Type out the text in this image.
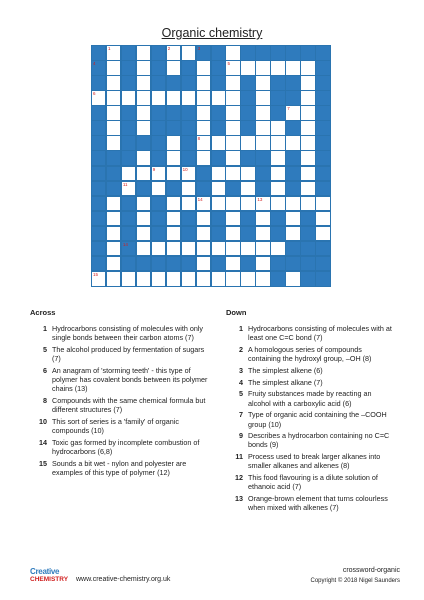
Organic chemistry
1	2	3
4	5
6
7
8
9	10
11
14	13
14
15
Across
1 Hydrocarbons consisting of molecules with only single bonds between their carbon atoms (7)
5 The alcohol produced by fermentation of sugars (7)
6 An anagram of 'storming teeth' - this type of polymer has covalent bonds between its polymer chains (13)
8 Compounds with the same chemical formula but different structures (7)
10 This sort of series is a 'family' of organic compounds (10)
14 Toxic gas formed by incomplete combustion of hydrocarbons (6,8)
15 Sounds a bit wet - nylon and polyester are examples of this type of polymer (12)
Down
1 Hydrocarbons consisting of molecules with at least one C=C bond (7)
2 A homologous series of compounds containing the hydroxyl group, –OH (8)
3 The simplest alkene (6)
4 The simplest alkane (7)
5 Fruity substances made by reacting an alcohol with a carboxylic acid (6)
7 Type of organic acid containing the –COOH group (10)
9 Describes a hydrocarbon containing no C=C bonds (9)
11 Process used to break larger alkanes into smaller alkanes and alkenes (8)
12 This food flavouring is a dilute solution of ethanoic acid (7)
13 Orange-brown element that turns colourless when mixed with alkenes (7)
Creative
CHEMISTRY www.creative-chemistry.org.uk
crossword-organic
Copyright © 2018 Nigel Saunders
